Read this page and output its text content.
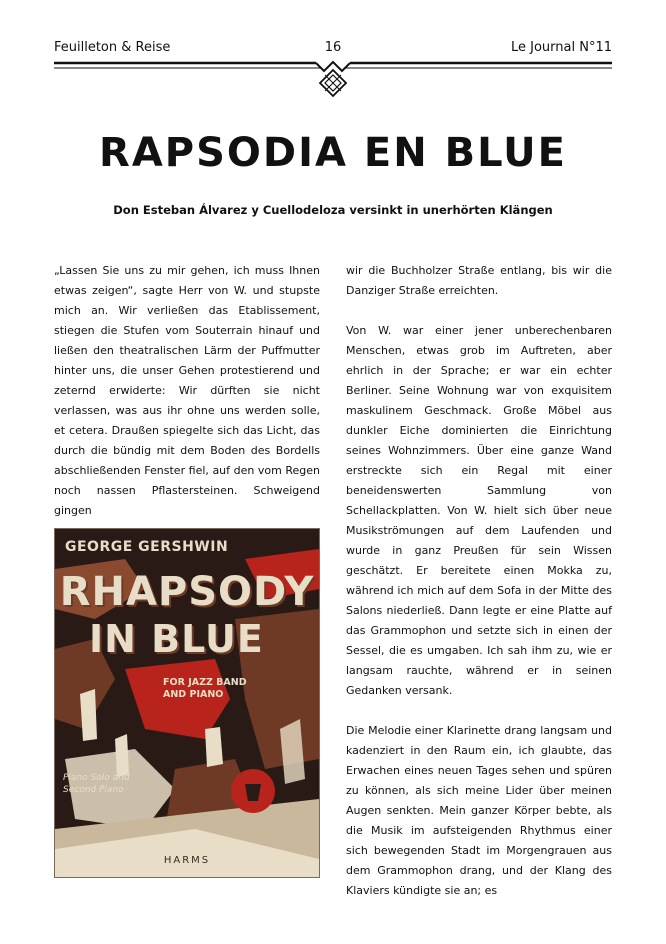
Feuilleton & Reise	16	Le Journal N°11
RAPSODIA EN BLUE
Don Esteban Álvarez y Cuellodeloza versinkt in unerhörten Klängen

„Lassen Sie uns zu mir gehen, ich muss Ihnen etwas zeigen“, sagte Herr von W. und stupste mich an. Wir verließen das Etablissement, stiegen die Stufen vom Souterrain hinauf und ließen den theatralischen Lärm der Puffmutter hinter uns, die unser Gehen protestierend und zeternd erwiderte: Wir dürften sie nicht verlassen, was aus ihr ohne uns werden solle, et cetera. Draußen spiegelte sich das Licht, das durch die bündig mit dem Boden des Bordells abschließenden Fenster fiel, auf den vom Regen noch nassen Pflastersteinen. Schweigend gingen

GEORGE GERSHWIN
RHAPSODY
IN BLUE
FOR JAZZ BAND
AND PIANO
Piano Solo and
Second Piano
HARMS

wir die Buchholzer Straße entlang, bis wir die Danziger Straße erreichten.

Von W. war einer jener unberechenbaren Menschen, etwas grob im Auftreten, aber ehrlich in der Sprache; er war ein echter Berliner. Seine Wohnung war von exquisitem maskulinem Geschmack. Große Möbel aus dunkler Eiche dominierten die Einrichtung seines Wohnzimmers. Über eine ganze Wand erstreckte sich ein Regal mit einer beneidenswerten Sammlung von Schellackplatten. Von W. hielt sich über neue Musikströmungen auf dem Laufenden und wurde in ganz Preußen für sein Wissen geschätzt. Er bereitete einen Mokka zu, während ich mich auf dem Sofa in der Mitte des Salons niederließ. Dann legte er eine Platte auf das Grammophon und setzte sich in einen der Sessel, die es umgaben. Ich sah ihm zu, wie er langsam rauchte, während er in seinen Gedanken versank.

Die Melodie einer Klarinette drang langsam und kadenziert in den Raum ein, ich glaubte, das Erwachen eines neuen Tages sehen und spüren zu können, als sich meine Lider über meinen Augen senkten. Mein ganzer Körper bebte, als die Musik im aufsteigenden Rhythmus einer sich bewegenden Stadt im Morgengrauen aus dem Grammophon drang, und der Klang des Klaviers kündigte sie an; es
